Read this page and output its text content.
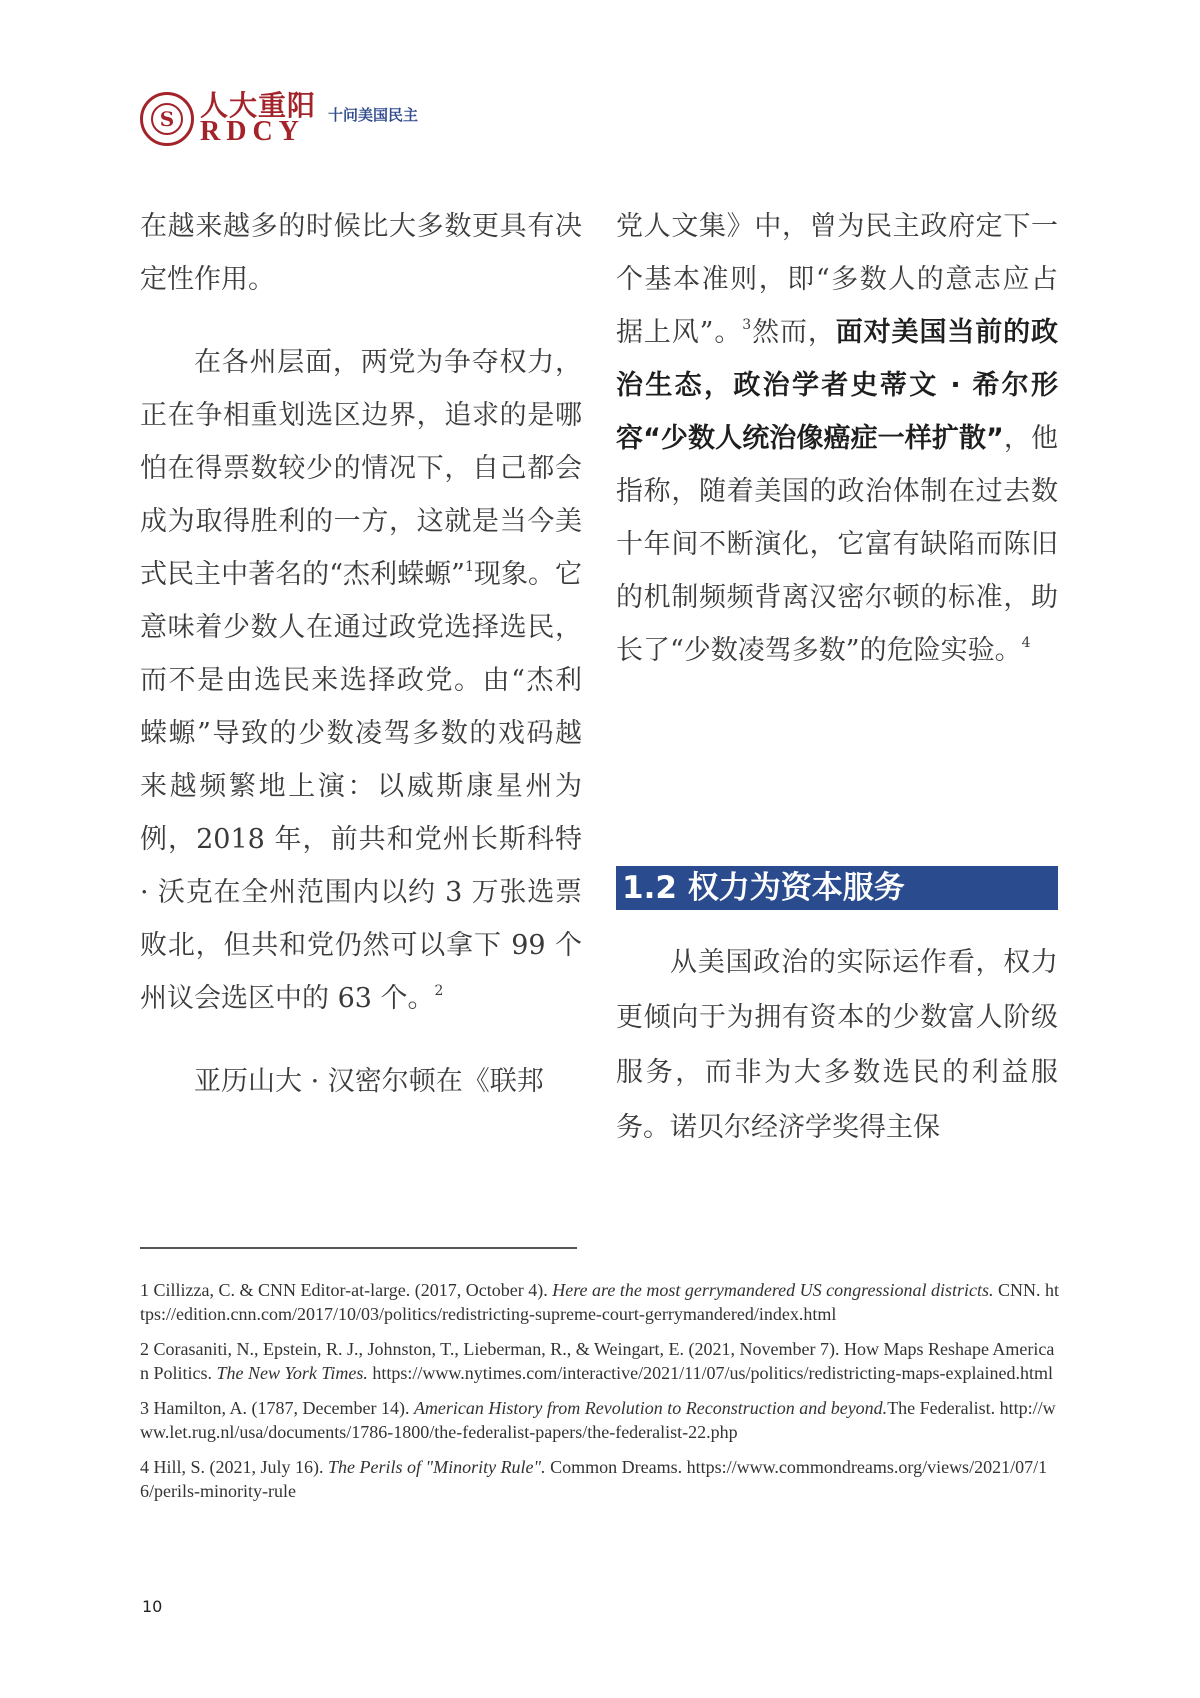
S 人大重阳
RDCY
十问美国民主

在越来越多的时候比大多数更具有决定性作用。

在各州层面，两党为争夺权力，正在争相重划选区边界，追求的是哪怕在得票数较少的情况下，自己都会成为取得胜利的一方，这就是当今美式民主中著名的“杰利蝾螈”$^1$现象。它意味着少数人在通过政党选择选民，而不是由选民来选择政党。由“杰利蝾螈”导致的少数凌驾多数的戏码越来越频繁地上演：以威斯康星州为例，2018 年，前共和党州长斯科特 · 沃克在全州范围内以约 3 万张选票败北，但共和党仍然可以拿下 99 个州议会选区中的 63 个。$^2$

亚历山大 · 汉密尔顿在《联邦

党人文集》中，曾为民主政府定下一个基本准则，即“多数人的意志应占据上风”。$^3$然而，面对美国当前的政治生态，政治学者史蒂文 · 希尔形容“少数人统治像癌症一样扩散”，他指称，随着美国的政治体制在过去数十年间不断演化，它富有缺陷而陈旧的机制频频背离汉密尔顿的标准，助长了“少数凌驾多数”的危险实验。$^4$

1.2 权力为资本服务

从美国政治的实际运作看，权力更倾向于为拥有资本的少数富人阶级服务，而非为大多数选民的利益服务。诺贝尔经济学奖得主保

1 Cillizza, C. & CNN Editor-at-large. (2017, October 4). Here are the most gerrymandered US congressional districts. CNN. https://edition.cnn.com/2017/10/03/politics/redistricting-supreme-court-gerrymandered/index.html

2 Corasaniti, N., Epstein, R. J., Johnston, T., Lieberman, R., & Weingart, E. (2021, November 7). How Maps Reshape American Politics. The New York Times. https://www.nytimes.com/interactive/2021/11/07/us/politics/redistricting-maps-explained.html

3 Hamilton, A. (1787, December 14). American History from Revolution to Reconstruction and beyond.The Federalist. http://www.let.rug.nl/usa/documents/1786-1800/the-federalist-papers/the-federalist-22.php

4 Hill, S. (2021, July 16). The Perils of "Minority Rule". Common Dreams. https://www.commondreams.org/views/2021/07/16/perils-minority-rule

10
